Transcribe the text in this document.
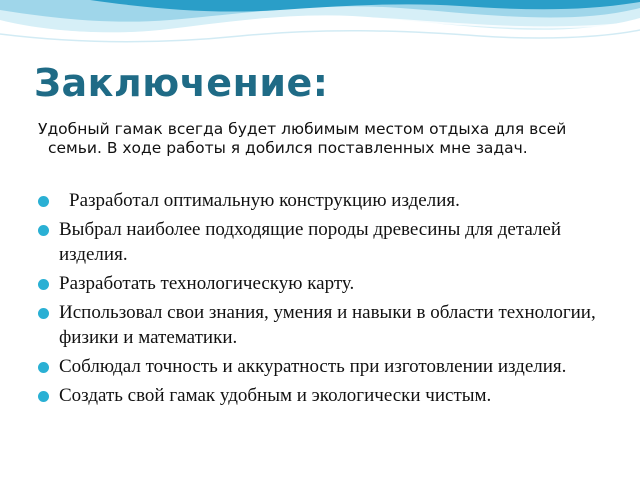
Заключение:

Удобный гамак всегда будет любимым местом отдыха для всей семьи. В ходе работы я добился поставленных мне задач.

Разработал оптимальную конструкцию изделия.
Выбрал наиболее подходящие породы древесины для деталей изделия.
Разработать технологическую карту.
Использовал свои знания, умения и навыки в области технологии, физики и математики.
Соблюдал точность и аккуратность при изготовлении изделия.
Создать свой гамак удобным и экологически чистым.
